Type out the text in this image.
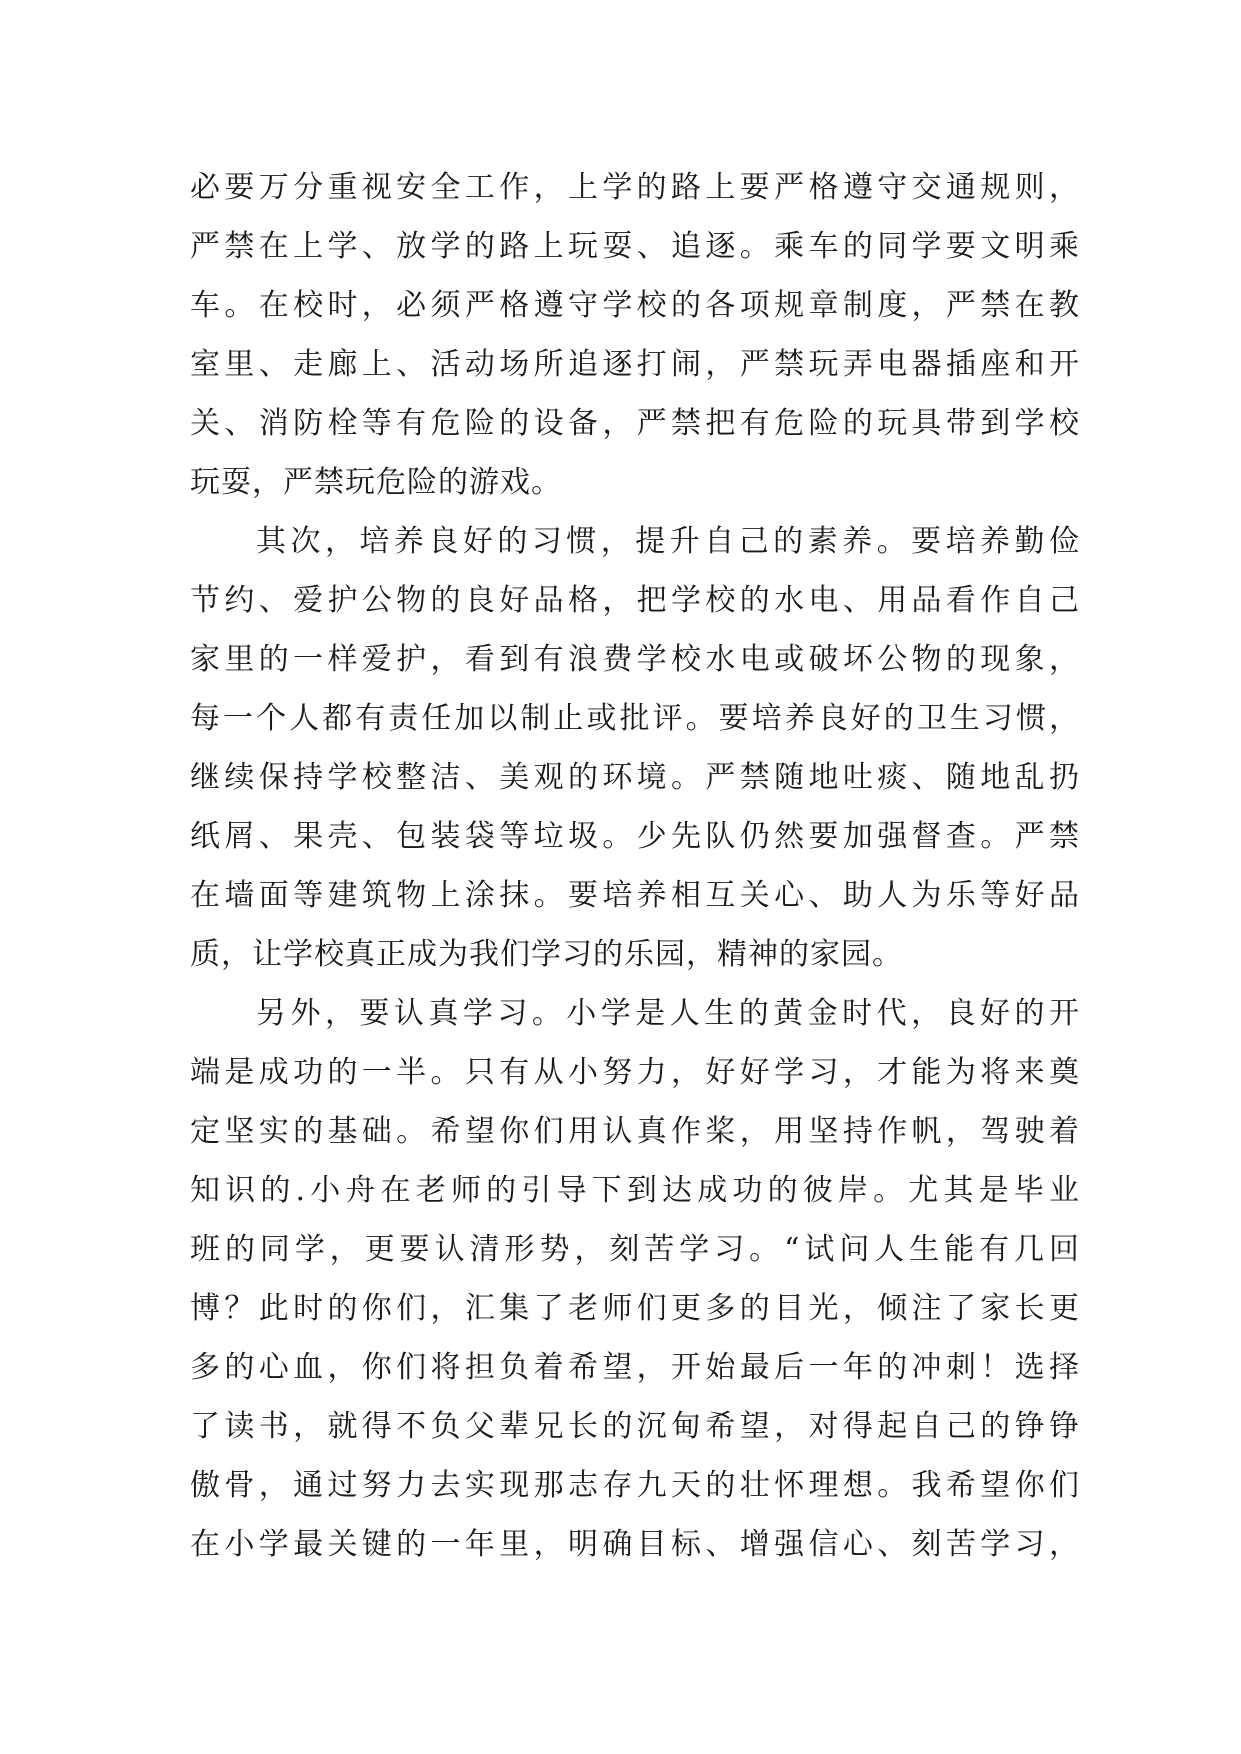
必要万分重视安全工作，上学的路上要严格遵守交通规则，
严禁在上学、放学的路上玩耍、追逐。乘车的同学要文明乘
车。在校时，必须严格遵守学校的各项规章制度，严禁在教
室里、走廊上、活动场所追逐打闹，严禁玩弄电器插座和开
关、消防栓等有危险的设备，严禁把有危险的玩具带到学校
玩耍，严禁玩危险的游戏。
其次，培养良好的习惯，提升自己的素养。要培养勤俭
节约、爱护公物的良好品格，把学校的水电、用品看作自己
家里的一样爱护，看到有浪费学校水电或破坏公物的现象，
每一个人都有责任加以制止或批评。要培养良好的卫生习惯，
继续保持学校整洁、美观的环境。严禁随地吐痰、随地乱扔
纸屑、果壳、包装袋等垃圾。少先队仍然要加强督查。严禁
在墙面等建筑物上涂抹。要培养相互关心、助人为乐等好品
质，让学校真正成为我们学习的乐园，精神的家园。
另外，要认真学习。小学是人生的黄金时代，良好的开
端是成功的一半。只有从小努力，好好学习，才能为将来奠
定坚实的基础。希望你们用认真作桨，用坚持作帆，驾驶着
知识的.小舟在老师的引导下到达成功的彼岸。尤其是毕业
班的同学，更要认清形势，刻苦学习。“试问人生能有几回
博？此时的你们，汇集了老师们更多的目光，倾注了家长更
多的心血，你们将担负着希望，开始最后一年的冲刺！选择
了读书，就得不负父辈兄长的沉甸希望，对得起自己的铮铮
傲骨，通过努力去实现那志存九天的壮怀理想。我希望你们
在小学最关键的一年里，明确目标、增强信心、刻苦学习，
